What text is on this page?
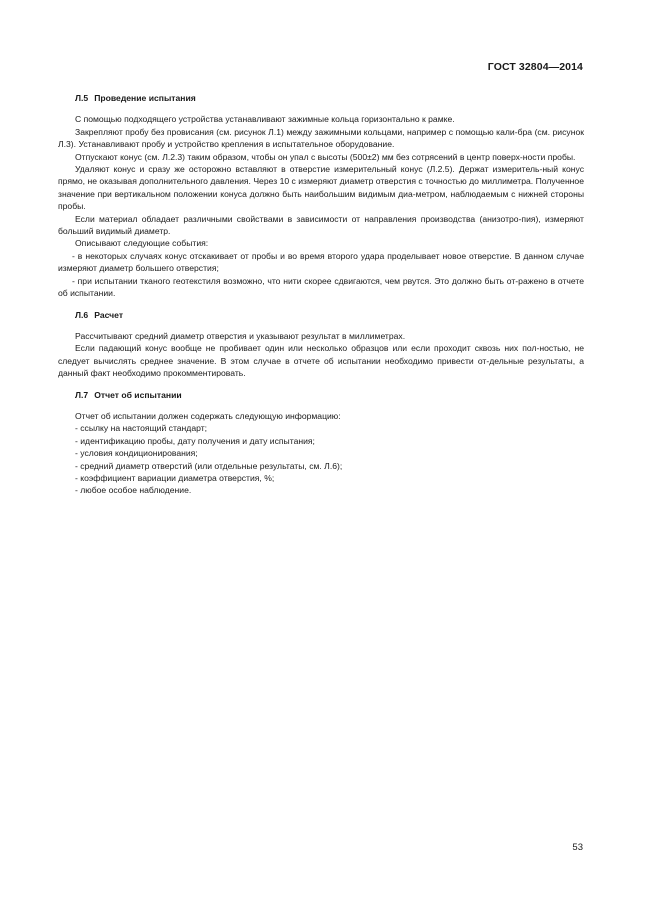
ГОСТ 32804—2014
Л.5 Проведение испытания

С помощью подходящего устройства устанавливают зажимные кольца горизонтально к рамке.

Закрепляют пробу без провисания (см. рисунок Л.1) между зажимными кольцами, например с помощью кали-бра (см. рисунок Л.3). Устанавливают пробу и устройство крепления в испытательное оборудование.

Отпускают конус (см. Л.2.3) таким образом, чтобы он упал с высоты (500±2) мм без сотрясений в центр поверх-ности пробы.

Удаляют конус и сразу же осторожно вставляют в отверстие измерительный конус (Л.2.5). Держат измеритель-ный конус прямо, не оказывая дополнительного давления. Через 10 с измеряют диаметр отверстия с точностью до миллиметра. Полученное значение при вертикальном положении конуса должно быть наибольшим видимым диа-метром, наблюдаемым с нижней стороны пробы.

Если материал обладает различными свойствами в зависимости от направления производства (анизотро-пия), измеряют больший видимый диаметр.

Описывают следующие события:

- в некоторых случаях конус отскакивает от пробы и во время второго удара проделывает новое отверстие. В данном случае измеряют диаметр большего отверстия;

- при испытании тканого геотекстиля возможно, что нити скорее сдвигаются, чем рвутся. Это должно быть от-ражено в отчете об испытании.

Л.6 Расчет

Рассчитывают средний диаметр отверстия и указывают результат в миллиметрах.

Если падающий конус вообще не пробивает один или несколько образцов или если проходит сквозь них пол-ностью, не следует вычислять среднее значение. В этом случае в отчете об испытании необходимо привести от-дельные результаты, а данный факт необходимо прокомментировать.

Л.7 Отчет об испытании

Отчет об испытании должен содержать следующую информацию:

- ссылку на настоящий стандарт;

- идентификацию пробы, дату получения и дату испытания;

- условия кондиционирования;

- средний диаметр отверстий (или отдельные результаты, см. Л.6);

- коэффициент вариации диаметра отверстия, %;

- любое особое наблюдение.

53
